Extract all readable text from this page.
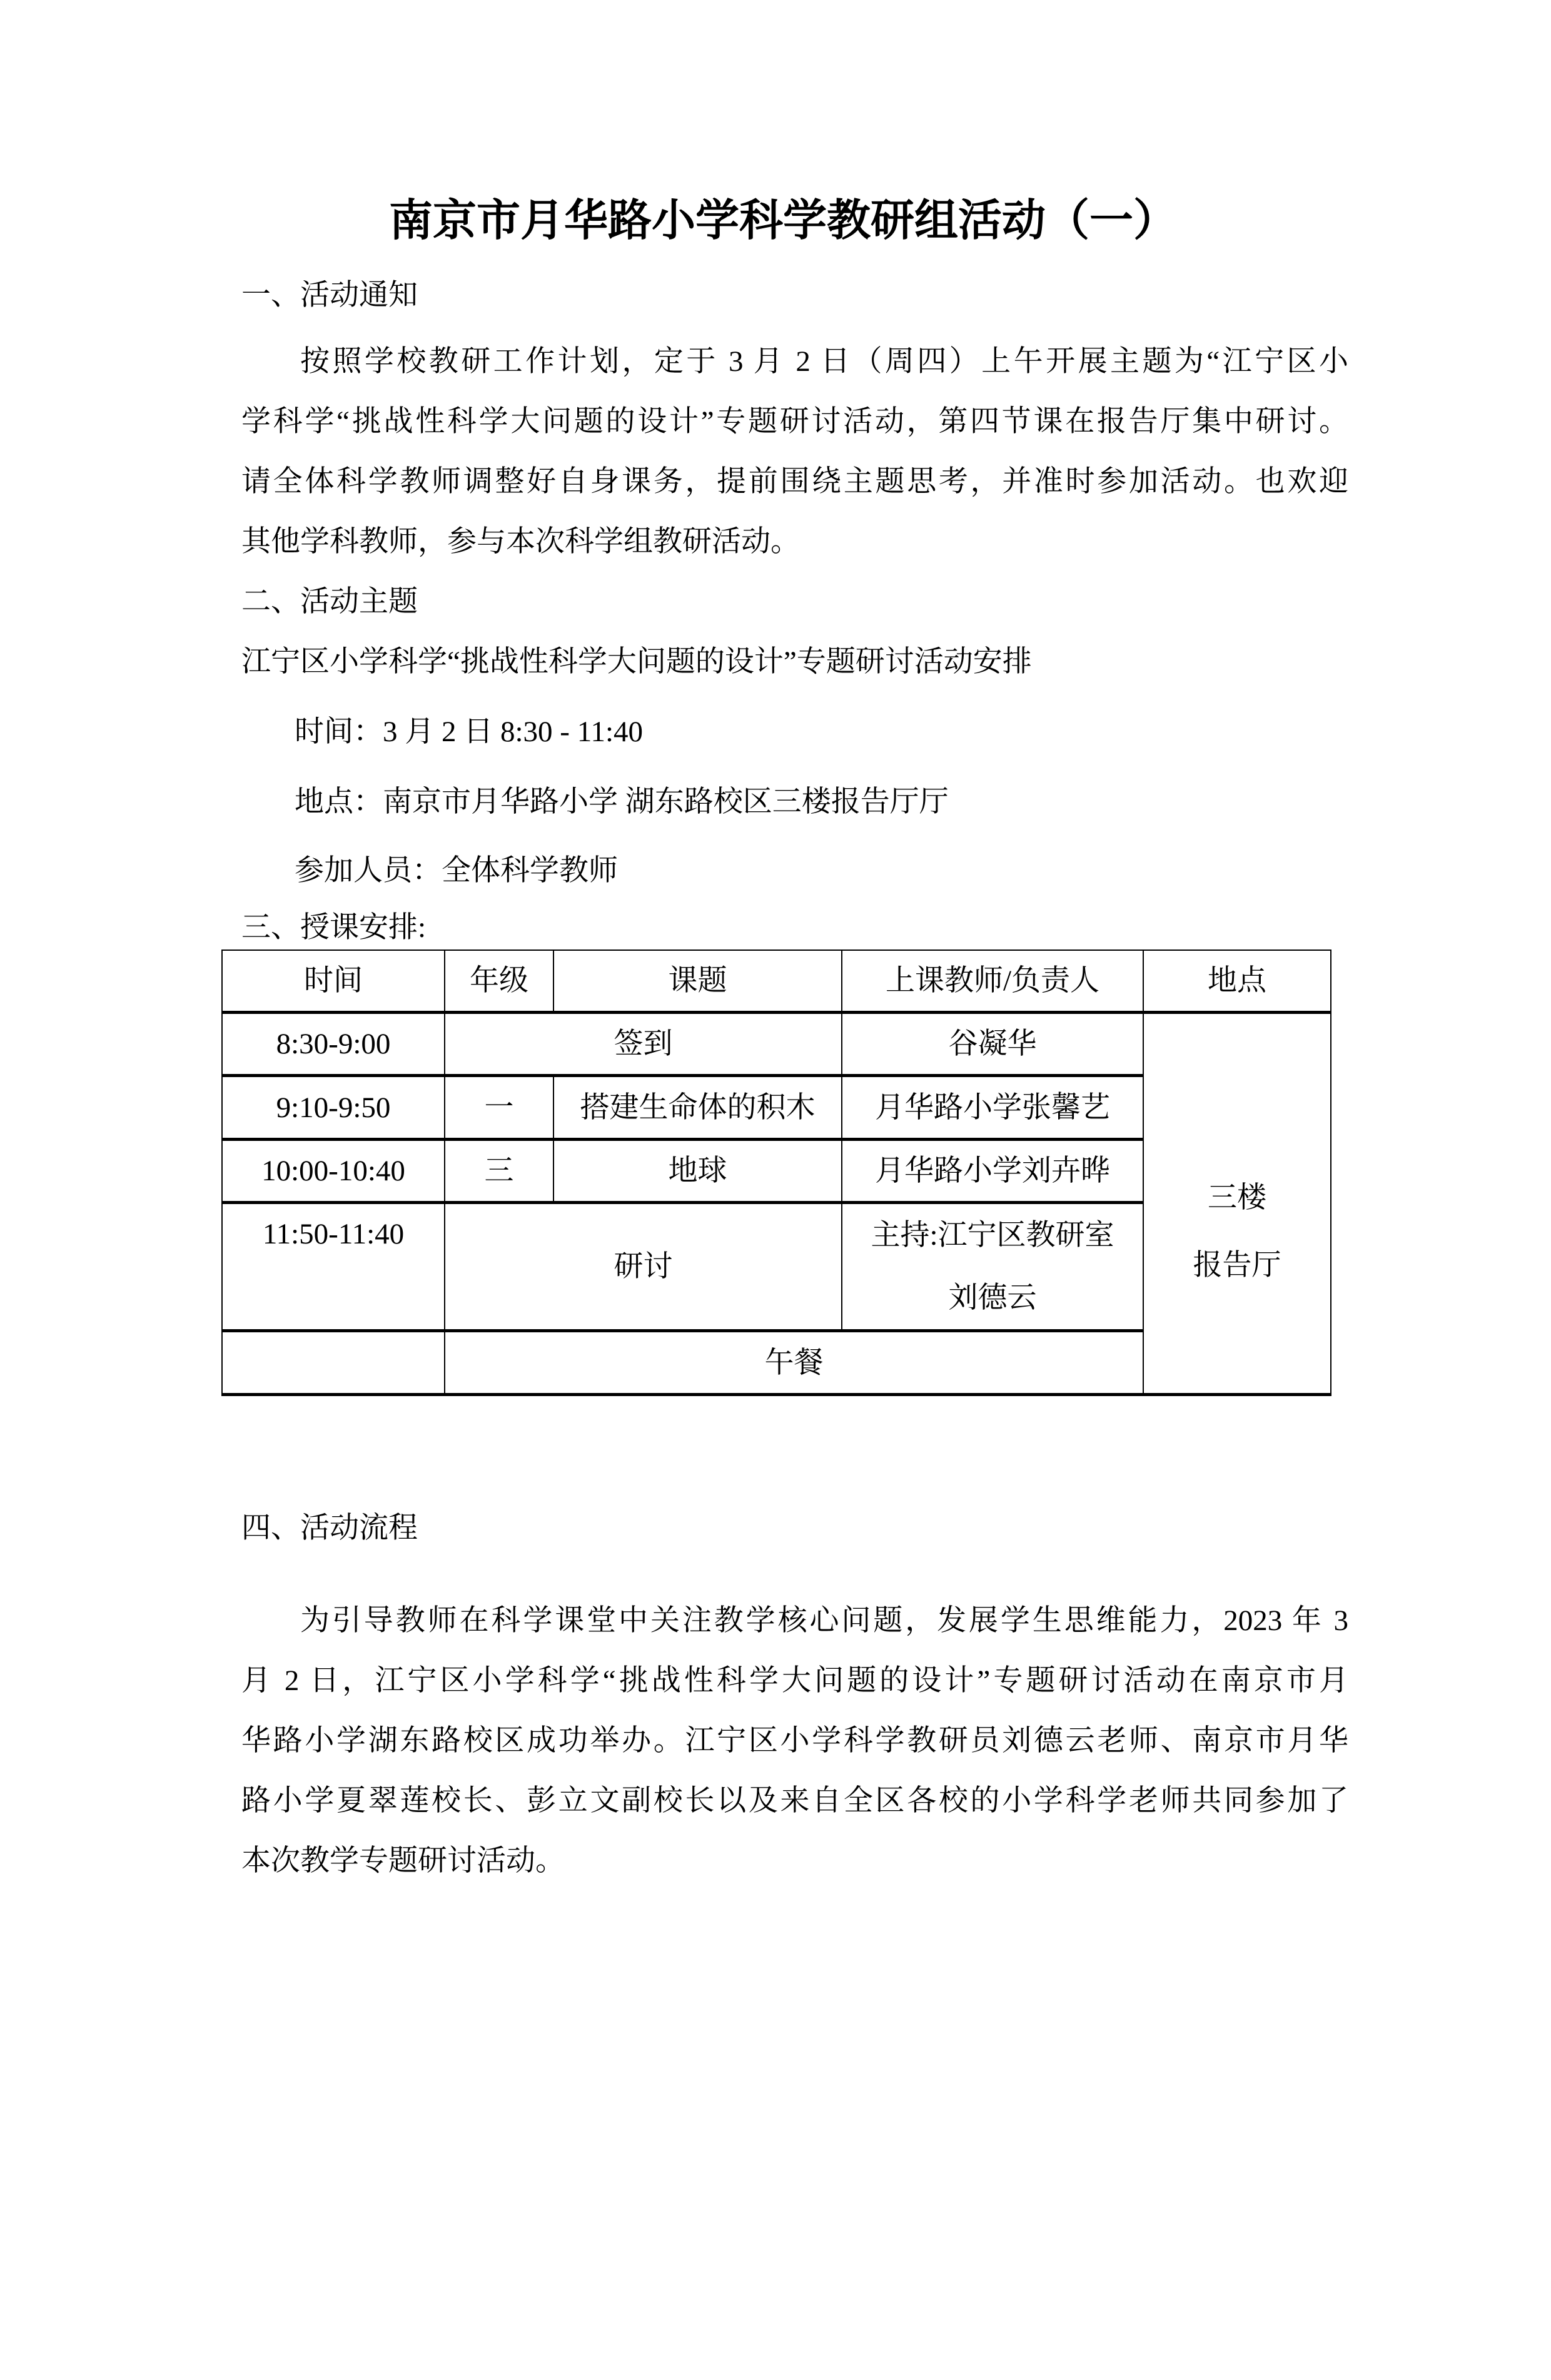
南京市月华路小学科学教研组活动（一）
一、活动通知
按照学校教研工作计划，定于 3 月 2 日（周四）上午开展主题为“江宁区小
学科学“挑战性科学大问题的设计”专题研讨活动，第四节课在报告厅集中研讨。
请全体科学教师调整好自身课务，提前围绕主题思考，并准时参加活动。也欢迎
其他学科教师，参与本次科学组教研活动。
二、活动主题
江宁区小学科学“挑战性科学大问题的设计”专题研讨活动安排
时间：3 月 2 日 8:30 - 11:40
地点：南京市月华路小学 湖东路校区三楼报告厅厅
参加人员：全体科学教师
三、授课安排:
时间	年级	课题	上课教师/负责人	地点
8:30-9:00	签到		谷凝华	三楼
报告厅

9:10-9:50	一	搭建生命体的积木	月华路小学张馨艺	
10:00-10:40	三	地球	月华路小学刘卉晔	
11:50-11:40	研讨		主持:江宁区教研室
刘德云	

	午餐			
四、活动流程
为引导教师在科学课堂中关注教学核心问题，发展学生思维能力，2023 年 3
月 2 日，江宁区小学科学“挑战性科学大问题的设计”专题研讨活动在南京市月
华路小学湖东路校区成功举办。江宁区小学科学教研员刘德云老师、南京市月华
路小学夏翠莲校长、彭立文副校长以及来自全区各校的小学科学老师共同参加了
本次教学专题研讨活动。
